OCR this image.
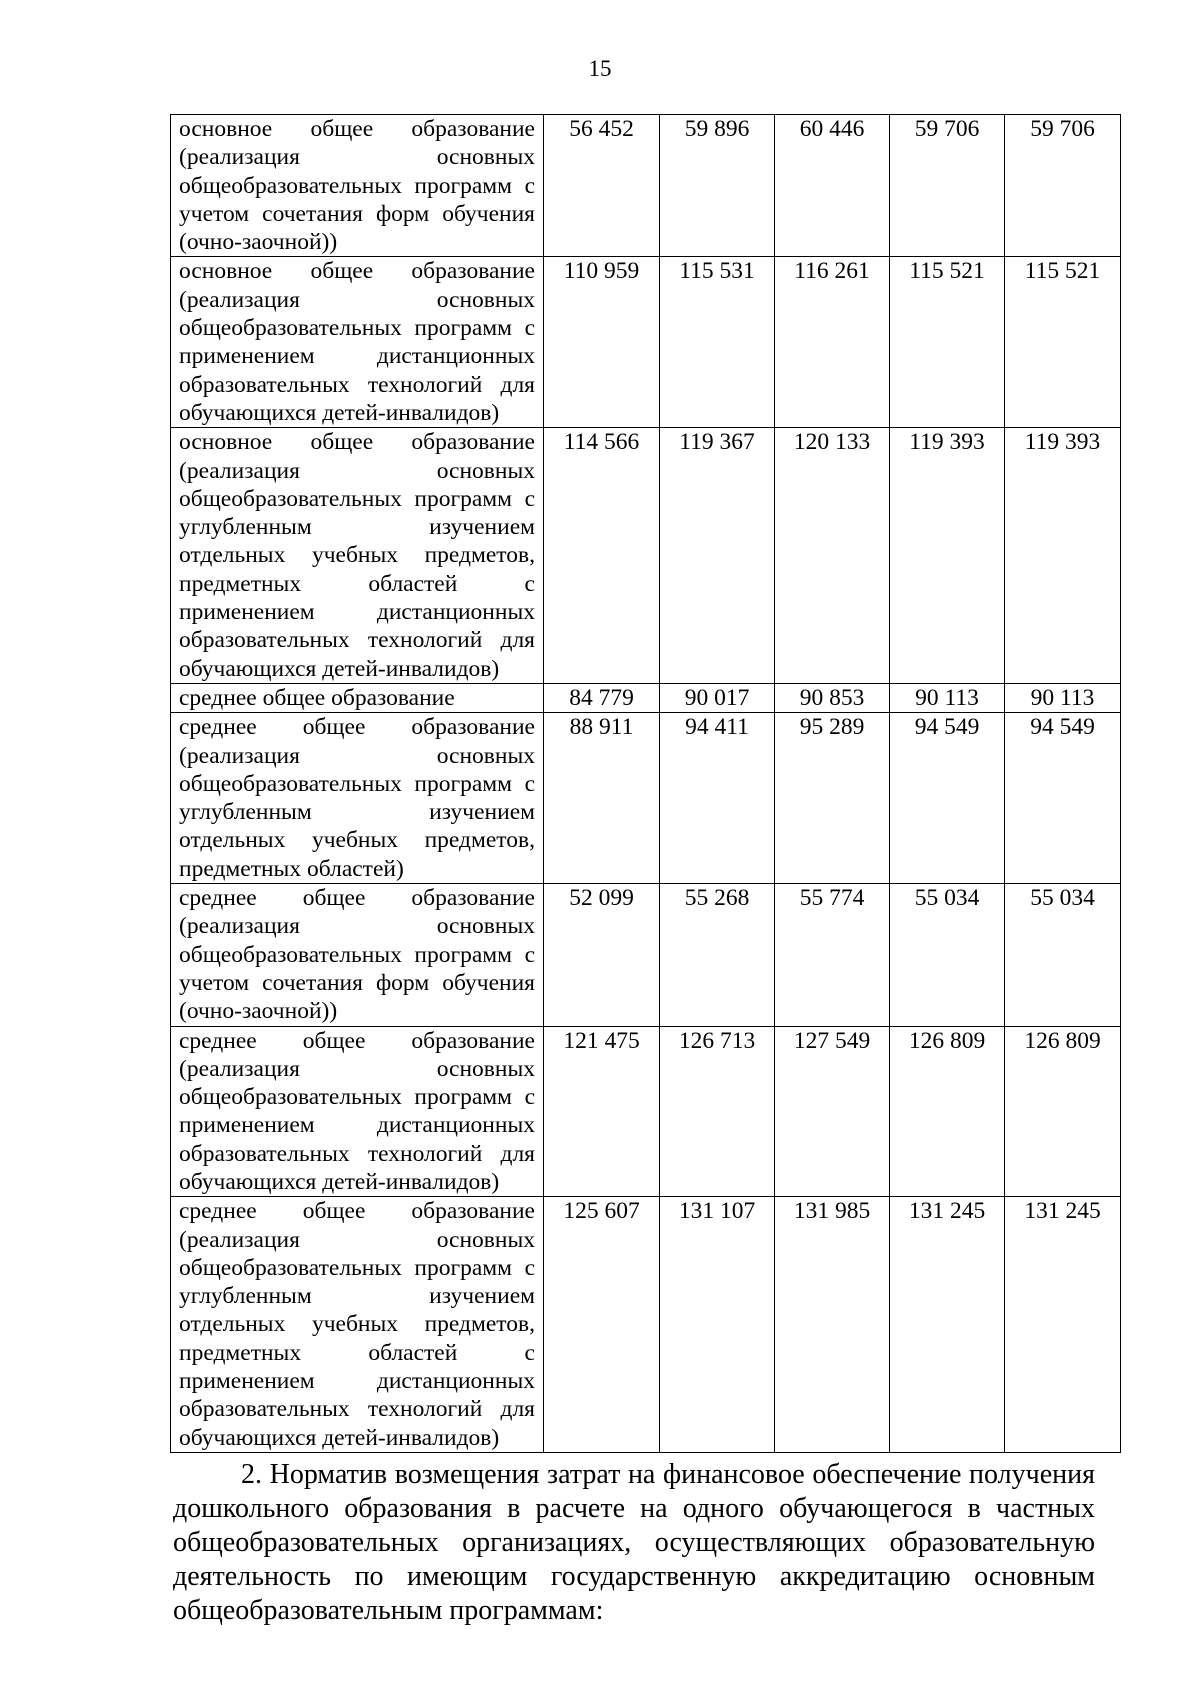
15
основное общее образование (реализация основных общеобразовательных программ с учетом сочетания форм обучения (очно-заочной))	56 452	59 896	60 446	59 706	59 706
основное общее образование (реализация основных общеобразовательных программ с применением дистанционных образовательных технологий для обучающихся детей-инвалидов)	110 959	115 531	116 261	115 521	115 521
основное общее образование (реализация основных общеобразовательных программ с углубленным изучением отдельных учебных предметов, предметных областей с применением дистанционных образовательных технологий для обучающихся детей-инвалидов)	114 566	119 367	120 133	119 393	119 393
среднее общее образование	84 779	90 017	90 853	90 113	90 113
среднее общее образование (реализация основных общеобразовательных программ с углубленным изучением отдельных учебных предметов, предметных областей)	88 911	94 411	95 289	94 549	94 549
среднее общее образование (реализация основных общеобразовательных программ с учетом сочетания форм обучения (очно-заочной))	52 099	55 268	55 774	55 034	55 034
среднее общее образование (реализация основных общеобразовательных программ с применением дистанционных образовательных технологий для обучающихся детей-инвалидов)	121 475	126 713	127 549	126 809	126 809
среднее общее образование (реализация основных общеобразовательных программ с углубленным изучением отдельных учебных предметов, предметных областей с применением дистанционных образовательных технологий для обучающихся детей-инвалидов)	125 607	131 107	131 985	131 245	131 245

2. Норматив возмещения затрат на финансовое обеспечение получения дошкольного образования в расчете на одного обучающегося в частных общеобразовательных организациях, осуществляющих образовательную деятельность по имеющим государственную аккредитацию основным общеобразовательным программам:
